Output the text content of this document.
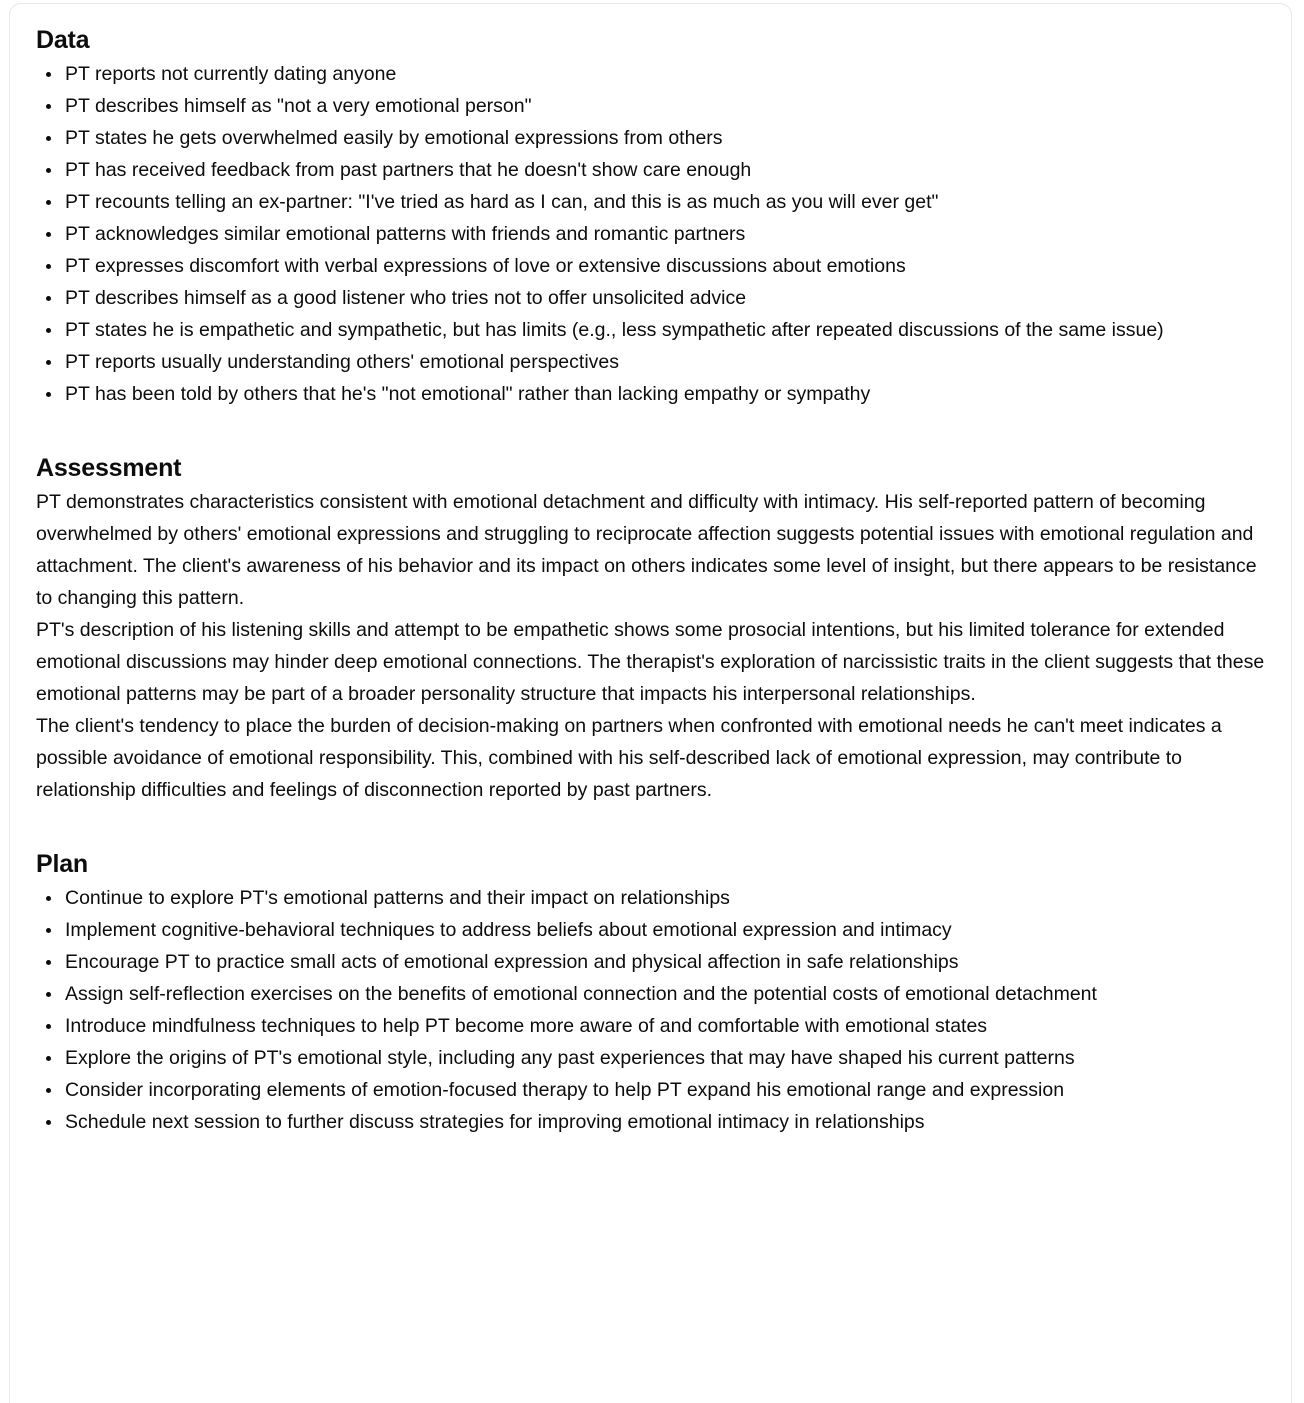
Data
PT reports not currently dating anyone
PT describes himself as "not a very emotional person"
PT states he gets overwhelmed easily by emotional expressions from others
PT has received feedback from past partners that he doesn't show care enough
PT recounts telling an ex-partner: "I've tried as hard as I can, and this is as much as you will ever get"
PT acknowledges similar emotional patterns with friends and romantic partners
PT expresses discomfort with verbal expressions of love or extensive discussions about emotions
PT describes himself as a good listener who tries not to offer unsolicited advice
PT states he is empathetic and sympathetic, but has limits (e.g., less sympathetic after repeated discussions of the same issue)
PT reports usually understanding others' emotional perspectives
PT has been told by others that he's "not emotional" rather than lacking empathy or sympathy
Assessment

PT demonstrates characteristics consistent with emotional detachment and difficulty with intimacy. His self-reported pattern of becoming overwhelmed by others' emotional expressions and struggling to reciprocate affection suggests potential issues with emotional regulation and attachment. The client's awareness of his behavior and its impact on others indicates some level of insight, but there appears to be resistance to changing this pattern.

PT's description of his listening skills and attempt to be empathetic shows some prosocial intentions, but his limited tolerance for extended emotional discussions may hinder deep emotional connections. The therapist's exploration of narcissistic traits in the client suggests that these emotional patterns may be part of a broader personality structure that impacts his interpersonal relationships.

The client's tendency to place the burden of decision-making on partners when confronted with emotional needs he can't meet indicates a possible avoidance of emotional responsibility. This, combined with his self-described lack of emotional expression, may contribute to relationship difficulties and feelings of disconnection reported by past partners.

Plan
Continue to explore PT's emotional patterns and their impact on relationships
Implement cognitive-behavioral techniques to address beliefs about emotional expression and intimacy
Encourage PT to practice small acts of emotional expression and physical affection in safe relationships
Assign self-reflection exercises on the benefits of emotional connection and the potential costs of emotional detachment
Introduce mindfulness techniques to help PT become more aware of and comfortable with emotional states
Explore the origins of PT's emotional style, including any past experiences that may have shaped his current patterns
Consider incorporating elements of emotion-focused therapy to help PT expand his emotional range and expression
Schedule next session to further discuss strategies for improving emotional intimacy in relationships
